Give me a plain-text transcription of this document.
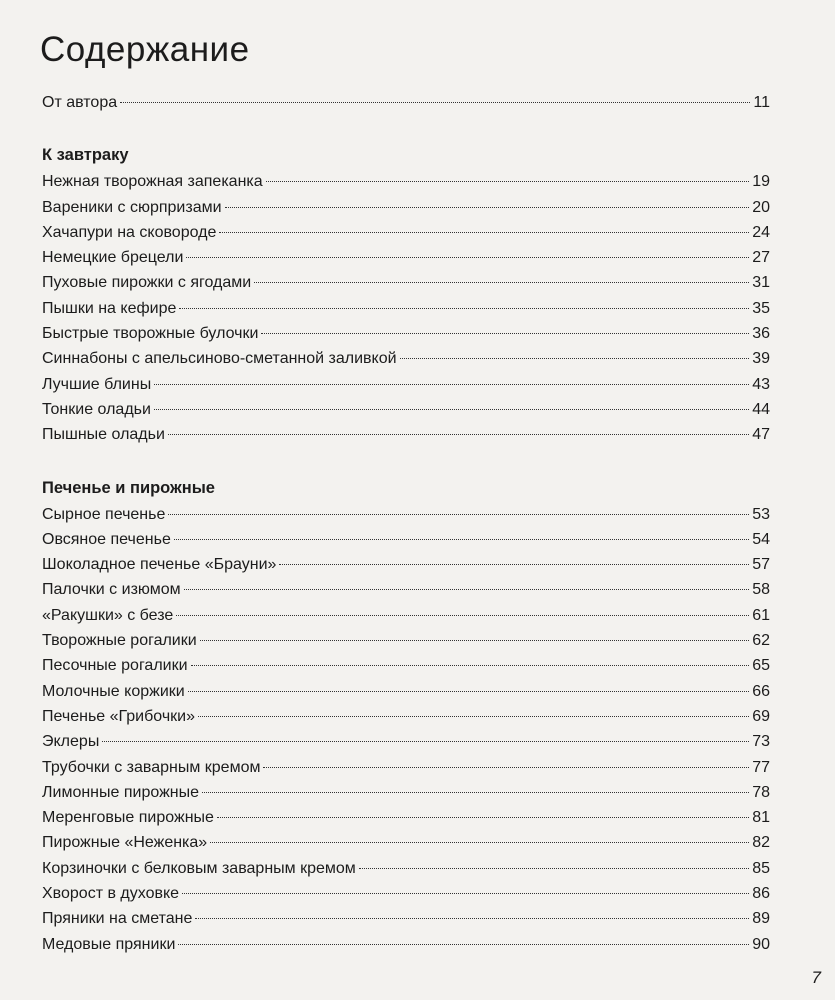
Содержание
От автора	11
К завтраку
Нежная творожная запеканка	19
Вареники с сюрпризами	20
Хачапури на сковороде	24
Немецкие брецели	27
Пуховые пирожки с ягодами	31
Пышки на кефире	35
Быстрые творожные булочки	36
Синнабоны с апельсиново-сметанной заливкой	39
Лучшие блины	43
Тонкие оладьи	44
Пышные оладьи	47
Печенье и пирожные
Сырное печенье	53
Овсяное печенье	54
Шоколадное печенье «Брауни»	57
Палочки с изюмом	58
«Ракушки» с безе	61
Творожные рогалики	62
Песочные рогалики	65
Молочные коржики	66
Печенье «Грибочки»	69
Эклеры	73
Трубочки с заварным кремом	77
Лимонные пирожные	78
Меренговые пирожные	81
Пирожные «Неженка»	82
Корзиночки с белковым заварным кремом	85
Хворост в духовке	86
Пряники на сметане	89
Медовые пряники	90
7
